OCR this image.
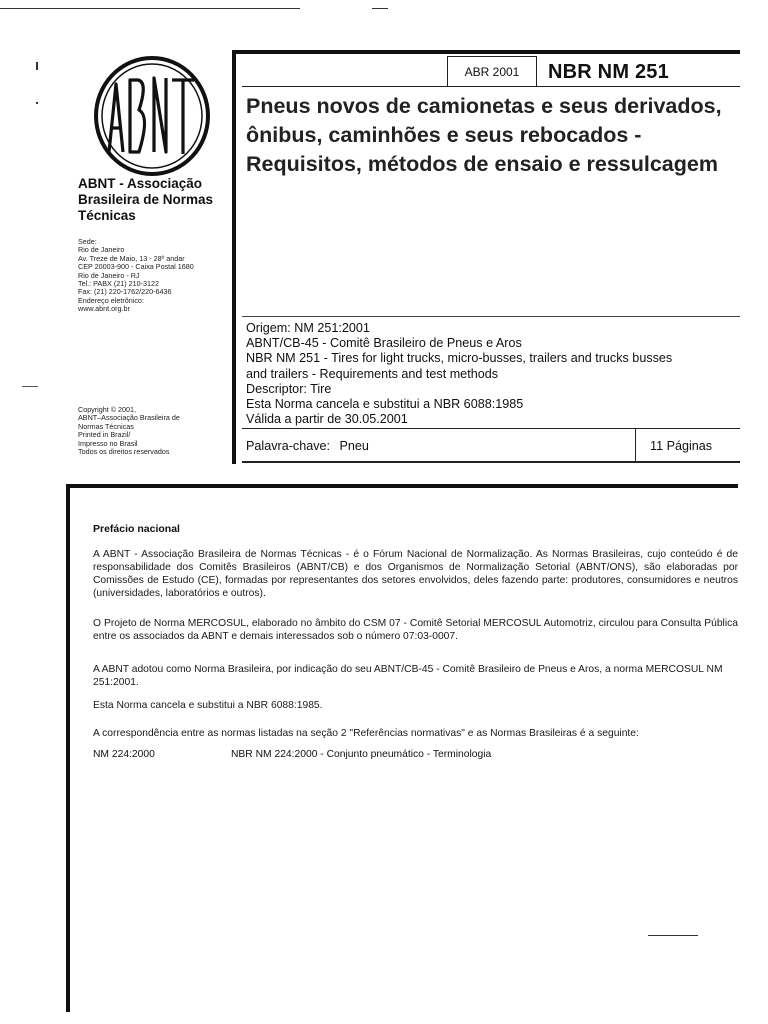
ABNT - Associação Brasileira de Normas Técnicas
Sede:
Rio de Janeiro
Av. Treze de Maio, 13 - 28º andar
CEP 20003-900 - Caixa Postal 1680
Rio de Janeiro - RJ
Tel.: PABX (21) 210-3122
Fax: (21) 220-1762/220-6436
Endereço eletrônico:
www.abnt.org.br
Copyright © 2001,
ABNT–Associação Brasileira de
Normas Técnicas
Printed in Brazil/
Impresso no Brasil
Todos os direitos reservados
ABR 2001	NBR NM 251
Pneus novos de camionetas e seus derivados, ônibus, caminhões e seus rebocados - Requisitos, métodos de ensaio e ressulcagem
Origem: NM 251:2001
ABNT/CB-45 - Comitê Brasileiro de Pneus e Aros
NBR NM 251 - Tires for light trucks, micro-busses, trailers and trucks busses
and trailers - Requirements and test methods
Descriptor: Tire
Esta Norma cancela e substitui a NBR 6088:1985
Válida a partir de 30.05.2001
Palavra-chave: Pneu	11 Páginas
Prefácio nacional
A ABNT - Associação Brasileira de Normas Técnicas - é o Fórum Nacional de Normalização. As Normas Brasileiras, cujo conteúdo é de responsabilidade dos Comitês Brasileiros (ABNT/CB) e dos Organismos de Normalização Setorial (ABNT/ONS), são elaboradas por Comissões de Estudo (CE), formadas por representantes dos setores envolvidos, deles fazendo parte: produtores, consumidores e neutros (universidades, laboratórios e outros).
O Projeto de Norma MERCOSUL, elaborado no âmbito do CSM 07 - Comitê Setorial MERCOSUL Automotriz, circulou para Consulta Pública entre os associados da ABNT e demais interessados sob o número 07:03-0007.
A ABNT adotou como Norma Brasileira, por indicação do seu ABNT/CB-45 - Comitê Brasileiro de Pneus e Aros, a norma MERCOSUL NM 251:2001.
Esta Norma cancela e substitui a NBR 6088:1985.
A correspondência entre as normas listadas na seção 2 "Referências normativas" e as Normas Brasileiras é a seguinte:
NM 224:2000	NBR NM 224:2000 - Conjunto pneumático - Terminologia
